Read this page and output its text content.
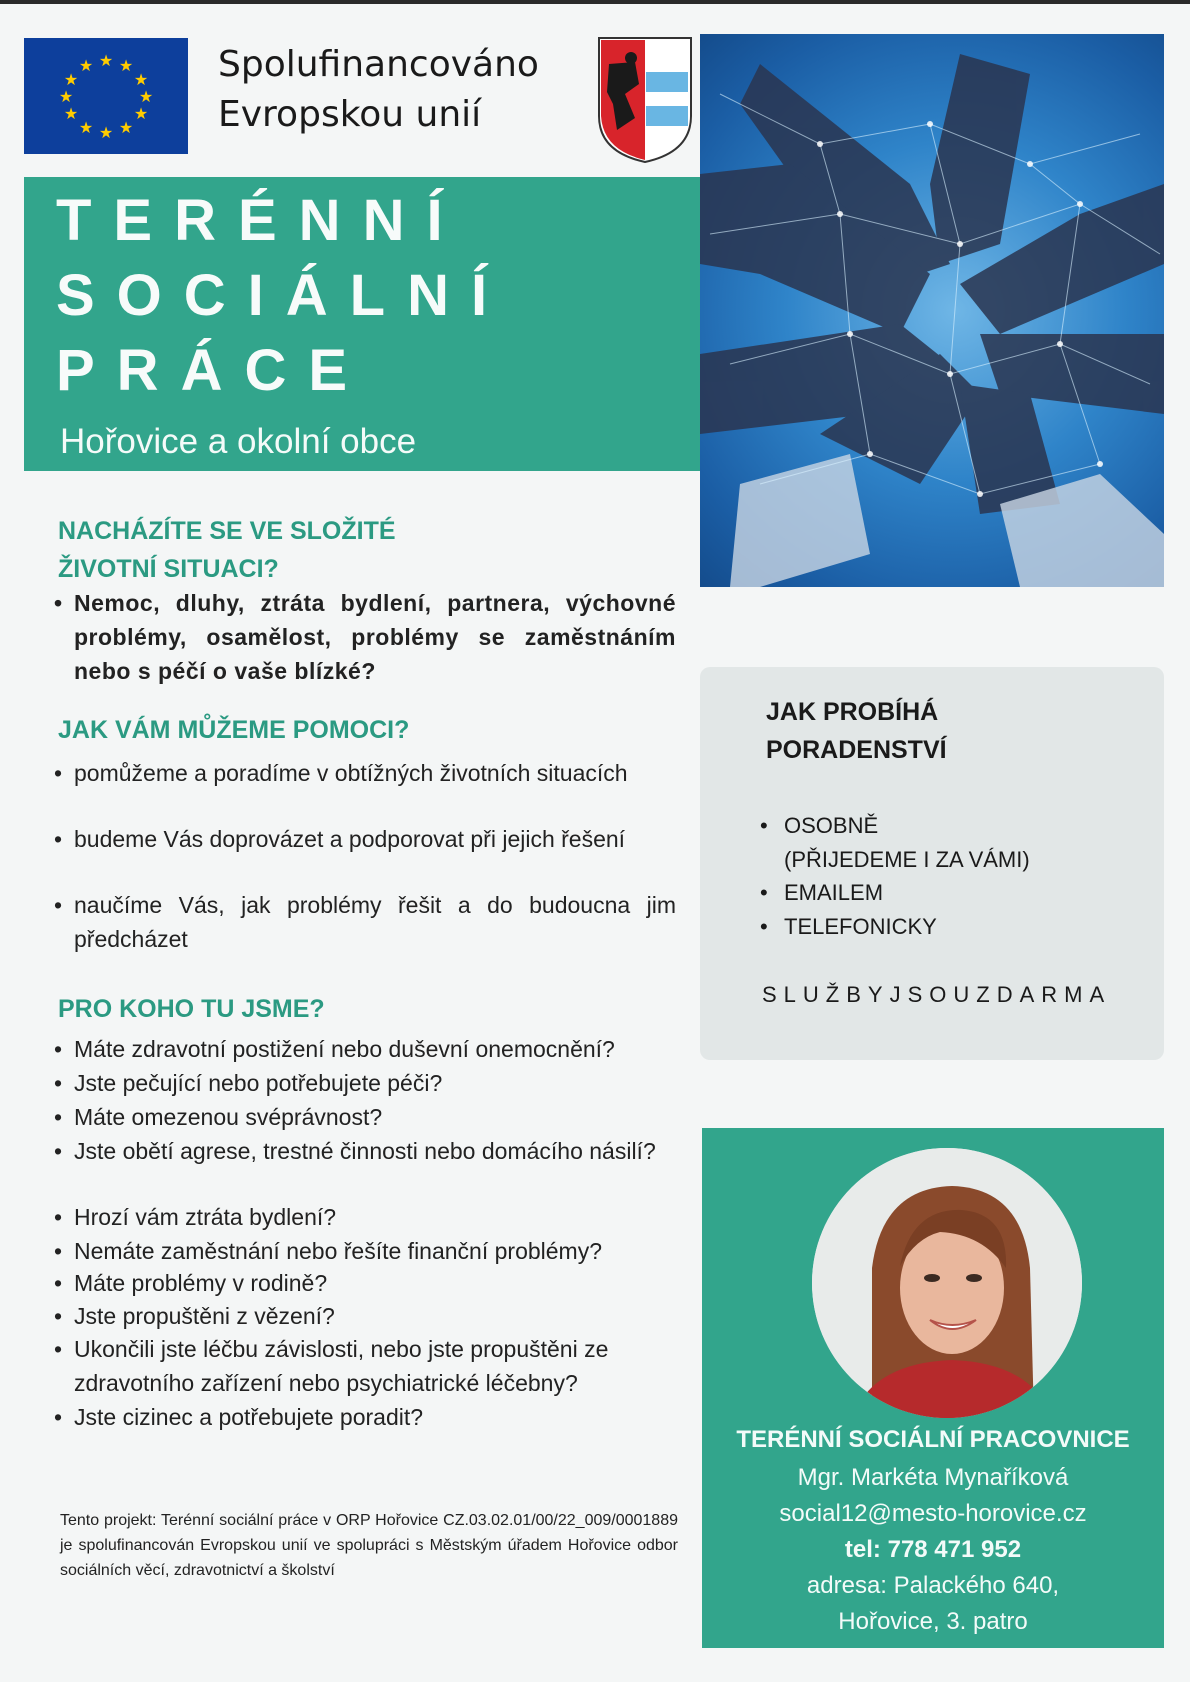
★ ★
★
★
★
★
★
★
★
★
★
★	Spolufinancováno
Evropskou unií
TERÉNNÍ
SOCIÁLNÍ
PRÁCE
Hořovice a okolní obce
NACHÁZÍTE SE VE SLOŽITÉ
ŽIVOTNÍ SITUACI?
• Nemoc, dluhy, ztráta bydlení, partnera, výchovné problémy, osamělost, problémy se zaměstnáním nebo s péčí o vaše blízké?
JAK VÁM MŮŽEME POMOCI?
• pomůžeme a poradíme v obtížných životních situacích
• budeme Vás doprovázet a podporovat při jejich řešení
• naučíme Vás, jak problémy řešit a do budoucna jim předcházet
PRO KOHO TU JSME?
• Máte zdravotní postižení nebo duševní onemocnění?
• Jste pečující nebo potřebujete péči?
• Máte omezenou svéprávnost?
• Jste obětí agrese, trestné činnosti nebo domácího násilí?
• Hrozí vám ztráta bydlení?
• Nemáte zaměstnání nebo řešíte finanční problémy?
• Máte problémy v rodině?
• Jste propuštěni z vězení?
• Ukončili jste léčbu závislosti, nebo jste propuštěni ze zdravotního zařízení nebo psychiatrické léčebny?
• Jste cizinec a potřebujete poradit?
JAK PROBÍHÁ
PORADENSTVÍ
• OSOBNĚ
(PŘIJEDEME I ZA VÁMI)
• EMAILEM
• TELEFONICKY
SLUŽBYJSOUZDARMA
TERÉNNÍ SOCIÁLNÍ PRACOVNICE
Mgr. Markéta Mynaříková
social12@mesto-horovice.cz
tel: 778 471 952
adresa: Palackého 640,
Hořovice, 3. patro
Tento projekt: Terénní sociální práce v ORP Hořovice CZ.03.02.01/00/22_009/0001889 je spolufinancován Evropskou unií ve spolupráci s Městským úřadem Hořovice odbor sociálních věcí, zdravotnictví a školství
